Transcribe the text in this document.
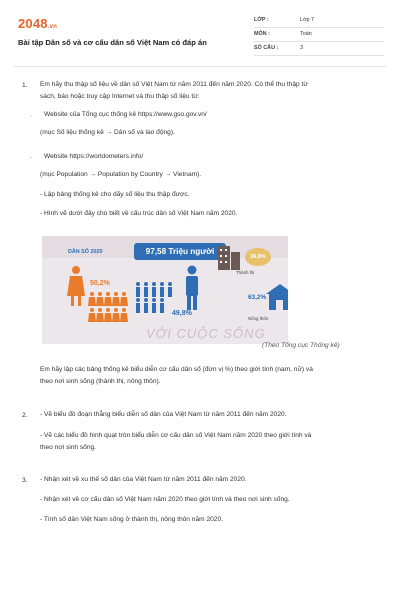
2048.vn
Bài tập Dân số và cơ cấu dân số Việt Nam có đáp án
LỚP :	Lớp 7
MÔN :	Toán
SỐ CÂU :	3
1. Em hãy thu thập số liệu về dân số Việt Nam từ năm 2011 đến năm 2020. Có thể thu thập từ
sách, báo hoặc truy cập Internet và thu thập số liệu từ:
· Website của Tổng cục thống kê https://www.gso.gov.vn/
(mục Số liệu thống kê → Dân số và lao động).
· Website https://worldometers.info/
(mục Population → Population by Country → Vietnam).
- Lập bảng thống kê cho dãy số liệu thu thập được.
- Hình vẽ dưới đây cho biết về cấu trúc dân số Việt Nam năm 2020.
DÂN SỐ 2020	97,58 Triệu người
50,2%
49,8%
36,8%
Thành thị
63,2%
Nông thôn
VỚI CUỘC SỐNG
(Theo Tổng cục Thống kê)
Em hãy lập các bảng thống kê biểu diễn cơ cấu dân số (đơn vị %) theo giới tính (nam, nữ) và
theo nơi sinh sống (thành thị, nông thôn).
2. - Vẽ biểu đồ đoạn thẳng biểu diễn số dân của Việt Nam từ năm 2011 đến năm 2020.
- Vẽ các biểu đồ hình quạt tròn biểu diễn cơ cấu dân số Việt Nam năm 2020 theo giới tính và
theo nơi sinh sống.
3. - Nhận xét về xu thế số dân của Việt Nam từ năm 2011 đến năm 2020.
- Nhận xét về cơ cấu dân số Việt Nam năm 2020 theo giới tính và theo nơi sinh sống.
- Tính số dân Việt Nam sống ở thành thị, nông thôn năm 2020.
